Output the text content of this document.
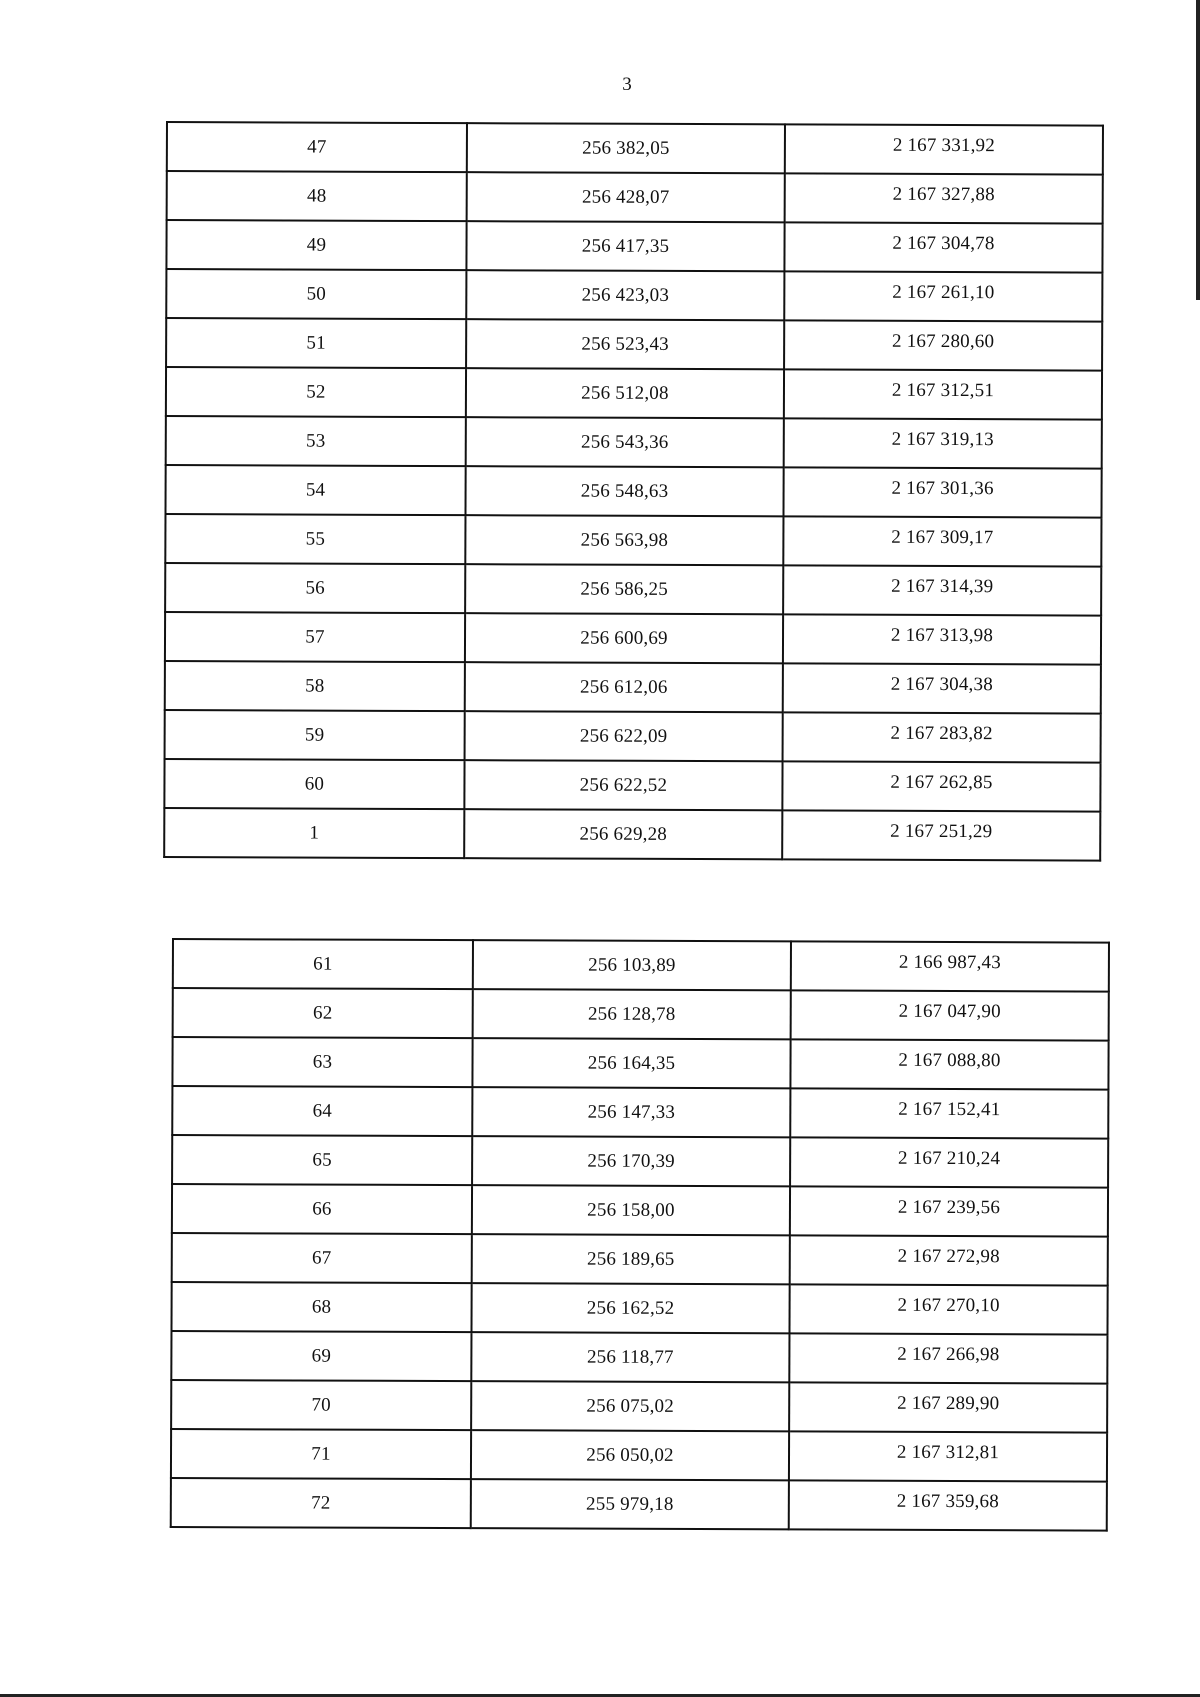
3
47	256 382,05	2 167 331,92
48	256 428,07	2 167 327,88
49	256 417,35	2 167 304,78
50	256 423,03	2 167 261,10
51	256 523,43	2 167 280,60
52	256 512,08	2 167 312,51
53	256 543,36	2 167 319,13
54	256 548,63	2 167 301,36
55	256 563,98	2 167 309,17
56	256 586,25	2 167 314,39
57	256 600,69	2 167 313,98
58	256 612,06	2 167 304,38
59	256 622,09	2 167 283,82
60	256 622,52	2 167 262,85
1	256 629,28	2 167 251,29
61	256 103,89	2 166 987,43
62	256 128,78	2 167 047,90
63	256 164,35	2 167 088,80
64	256 147,33	2 167 152,41
65	256 170,39	2 167 210,24
66	256 158,00	2 167 239,56
67	256 189,65	2 167 272,98
68	256 162,52	2 167 270,10
69	256 118,77	2 167 266,98
70	256 075,02	2 167 289,90
71	256 050,02	2 167 312,81
72	255 979,18	2 167 359,68
